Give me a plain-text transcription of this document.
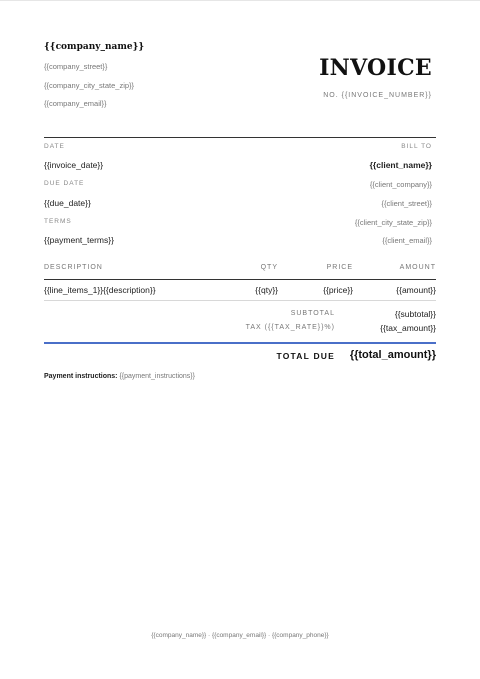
{{company_name}}
{{company_street}}
{{company_city_state_zip}}
{{company_email}}
INVOICE
NO. {{INVOICE_NUMBER}}
DATE
{{invoice_date}}
DUE DATE
{{due_date}}
TERMS
{{payment_terms}}
BILL TO
{{client_name}}
{{client_company}}
{{client_street}}
{{client_city_state_zip}}
{{client_email}}
DESCRIPTION	QTY	PRICE	AMOUNT
{{line_items_1}}{{description}}	{{qty}}	{{price}}	{{amount}}
SUBTOTAL	{{subtotal}}
TAX ({{TAX_RATE}}%)	{{tax_amount}}
TOTAL DUE {{total_amount}}
Payment instructions: {{payment_instructions}}
{{company_name}} · {{company_email}} · {{company_phone}}
